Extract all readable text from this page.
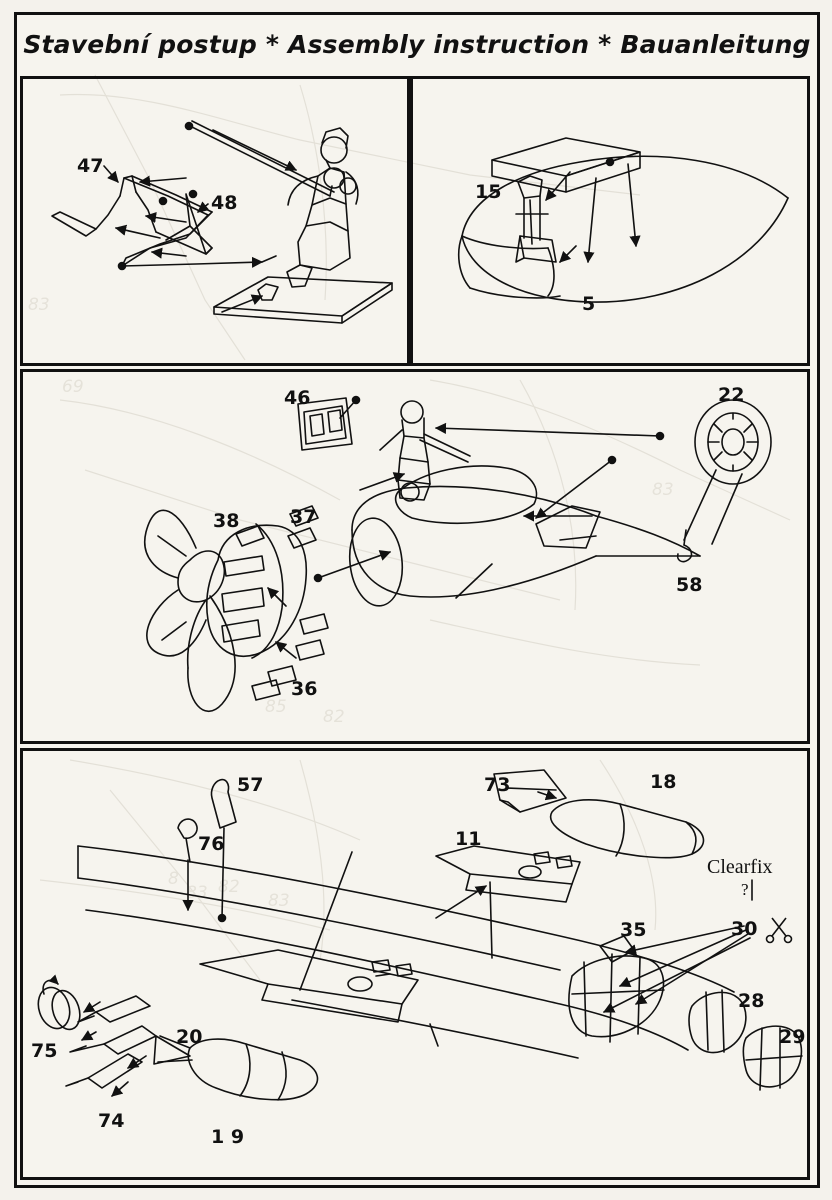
83
69
85 82
83
8
83 82
83
Stavební postup * Assembly instruction * Bauanleitung
47
48	15
5
46	22
38	37
36
58
57
76
73	18
11
35	30
28
29
20
1 9
74
75
Clearfix
?
